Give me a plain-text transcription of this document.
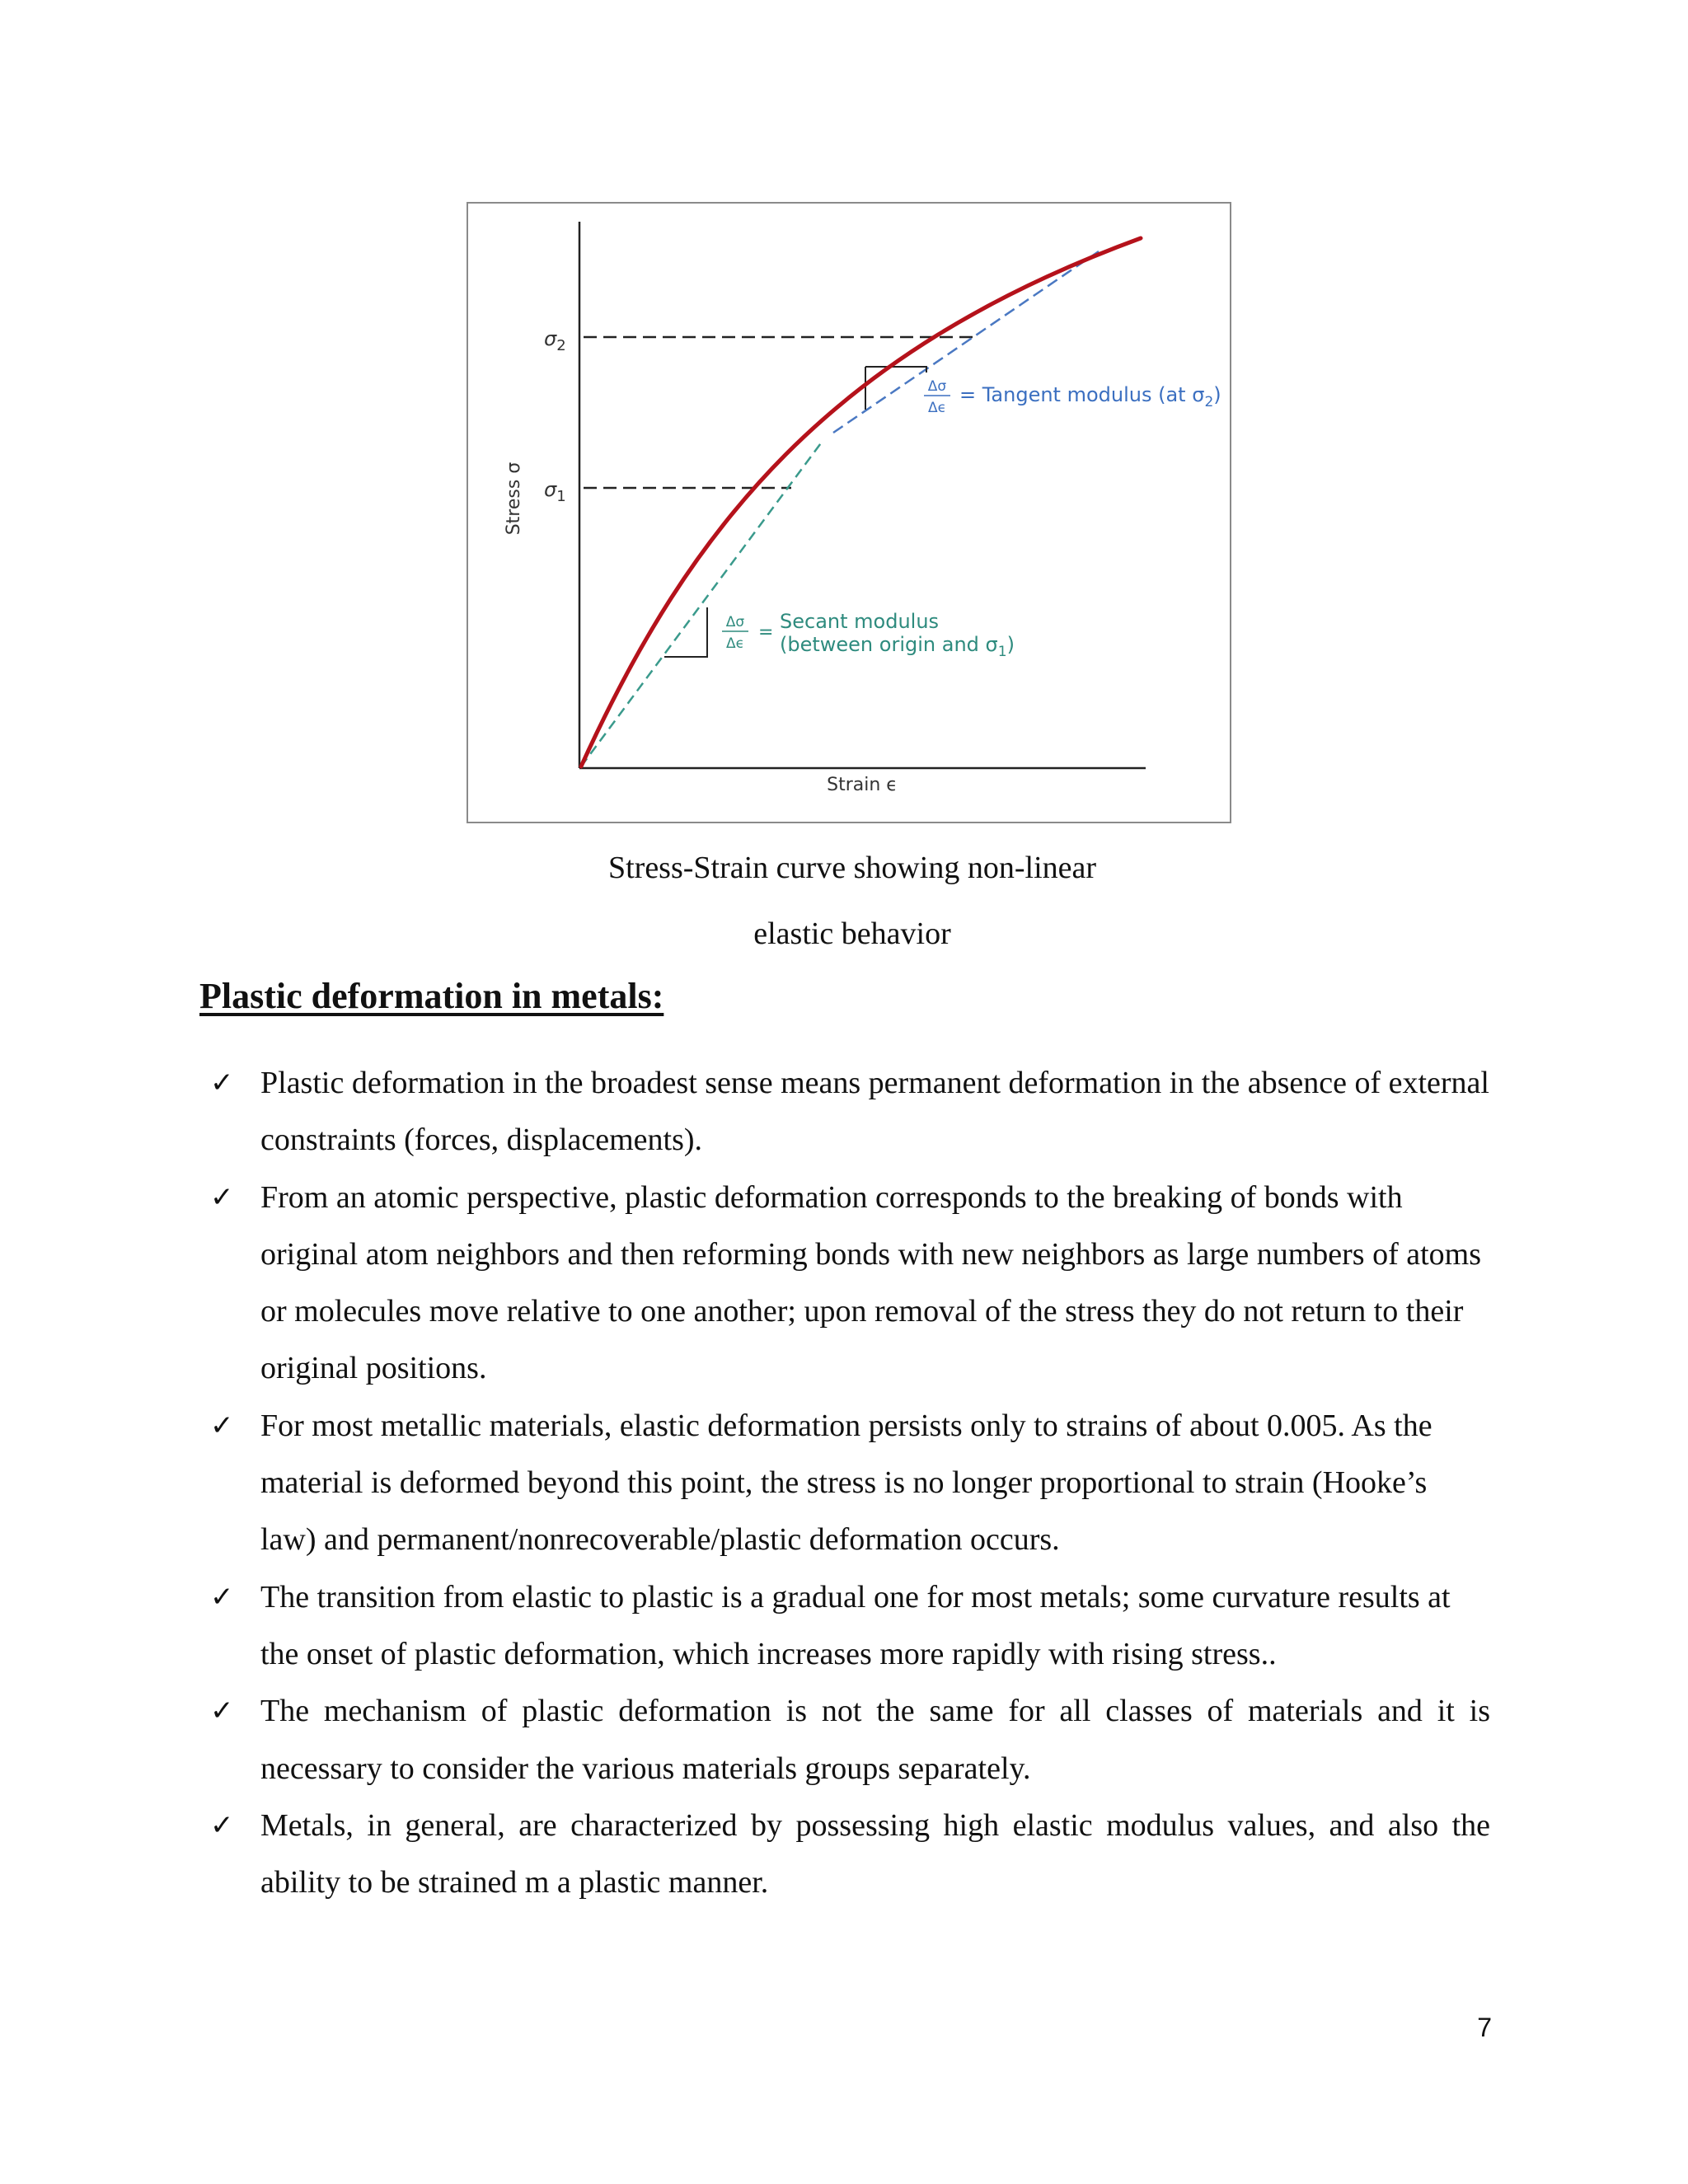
$\sigma_2$
$\sigma_1$
Stress σ
Strain ϵ
Δσ
Δϵ
= Tangent modulus (at $\sigma_2$)
Δσ
Δϵ
= Secant modulus
(between origin and $\sigma_1$)
Stress-Strain curve showing non-linear
elastic behavior
Plastic deformation in metals:
✓ Plastic deformation in the broadest sense means permanent deformation in the absence of external constraints (forces, displacements).
✓ From an atomic perspective, plastic deformation corresponds to the breaking of bonds with original atom neighbors and then reforming bonds with new neighbors as large numbers of atoms or molecules move relative to one another; upon removal of the stress they do not return to their original positions.
✓ For most metallic materials, elastic deformation persists only to strains of about 0.005. As the material is deformed beyond this point, the stress is no longer proportional to strain (Hooke’s law) and permanent/nonrecoverable/plastic deformation occurs.
✓ The transition from elastic to plastic is a gradual one for most metals; some curvature results at the onset of plastic deformation, which increases more rapidly with rising stress..
✓ The mechanism of plastic deformation is not the same for all classes of materials and it is necessary to consider the various materials groups separately.
✓ Metals, in general, are characterized by possessing high elastic modulus values, and also the ability to be strained m a plastic manner.
7
